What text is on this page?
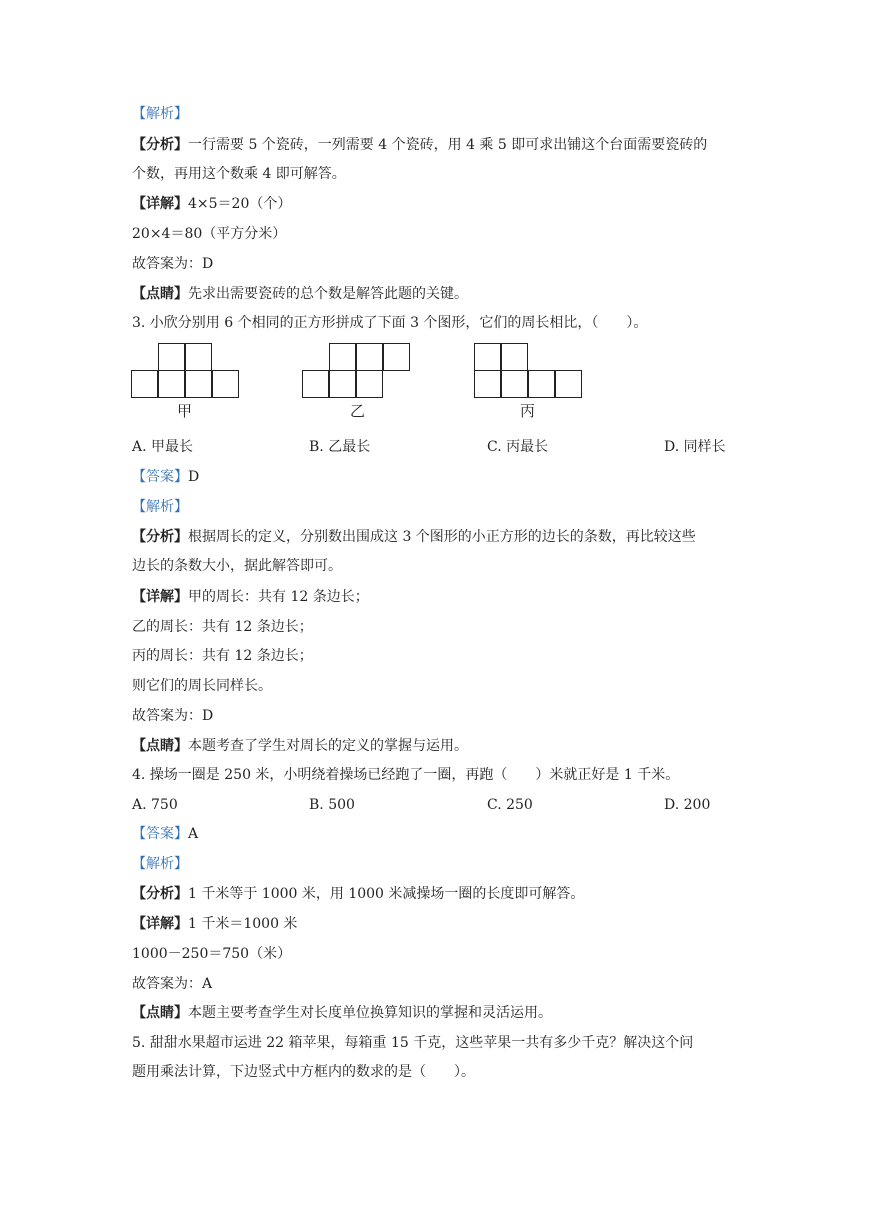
【解析】
【分析】一行需要 5 个瓷砖，一列需要 4 个瓷砖，用 4 乘 5 即可求出铺这个台面需要瓷砖的
个数，再用这个数乘 4 即可解答。
【详解】4×5＝20（个）
20×4＝80（平方分米）
故答案为：D
【点睛】先求出需要瓷砖的总个数是解答此题的关键。
3. 小欣分别用 6 个相同的正方形拼成了下面 3 个图形，它们的周长相比，（　　）。
甲	乙	丙
A. 甲最长	B. 乙最长	C. 丙最长	D. 同样长
【答案】D
【解析】
【分析】根据周长的定义，分别数出围成这 3 个图形的小正方形的边长的条数，再比较这些
边长的条数大小，据此解答即可。
【详解】甲的周长：共有 12 条边长；
乙的周长：共有 12 条边长；
丙的周长：共有 12 条边长；
则它们的周长同样长。
故答案为：D
【点睛】本题考查了学生对周长的定义的掌握与运用。
4. 操场一圈是 250 米，小明绕着操场已经跑了一圈，再跑（　　）米就正好是 1 千米。
A. 750	B. 500	C. 250	D. 200
【答案】A
【解析】
【分析】1 千米等于 1000 米，用 1000 米减操场一圈的长度即可解答。
【详解】1 千米＝1000 米
1000－250＝750（米）
故答案为：A
【点睛】本题主要考查学生对长度单位换算知识的掌握和灵活运用。
5. 甜甜水果超市运进 22 箱苹果，每箱重 15 千克，这些苹果一共有多少千克？解决这个问
题用乘法计算，下边竖式中方框内的数求的是（　　）。
